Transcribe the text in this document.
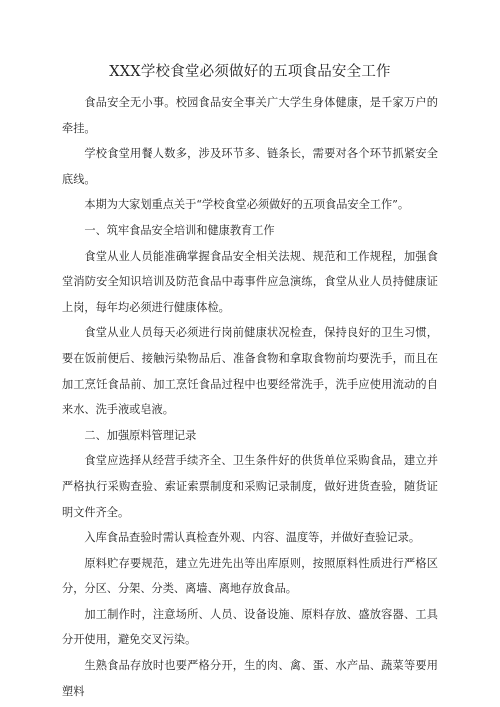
XXX学校食堂必须做好的五项食品安全工作

食品安全无小事。校园食品安全事关广大学生身体健康，是千家万户的牵挂。

学校食堂用餐人数多，涉及环节多、链条长，需要对各个环节抓紧安全底线。

本期为大家划重点关于“学校食堂必须做好的五项食品安全工作”。

一、筑牢食品安全培训和健康教育工作

食堂从业人员能准确掌握食品安全相关法规、规范和工作规程，加强食堂消防安全知识培训及防范食品中毒事件应急演练，食堂从业人员持健康证上岗，每年均必须进行健康体检。

食堂从业人员每天必须进行岗前健康状况检查，保持良好的卫生习惯，要在饭前便后、接触污染物品后、准备食物和拿取食物前均要洗手，而且在加工烹饪食品前、加工烹饪食品过程中也要经常洗手，洗手应使用流动的自来水、洗手液或皂液。

二、加强原料管理记录

食堂应选择从经营手续齐全、卫生条件好的供货单位采购食品，建立并严格执行采购查验、索证索票制度和采购记录制度，做好进货查验，随货证明文件齐全。

入库食品查验时需认真检查外观、内容、温度等，并做好查验记录。

原料贮存要规范，建立先进先出等出库原则，按照原料性质进行严格区分，分区、分架、分类、离墙、离地存放食品。

加工制作时，注意场所、人员、设备设施、原料存放、盛放容器、工具分开使用，避免交叉污染。

生熟食品存放时也要严格分开，生的肉、禽、蛋、水产品、蔬菜等要用塑料
